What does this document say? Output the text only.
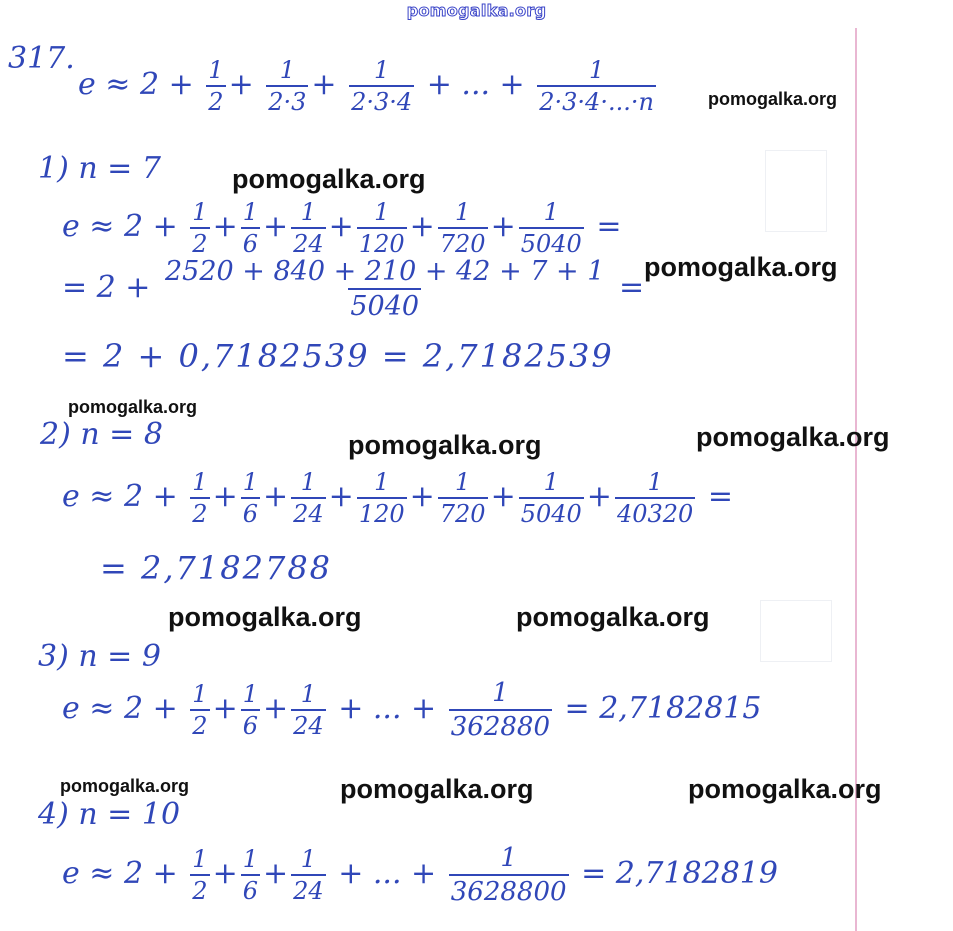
pomogalka.org
317.
$e \approx 2 + \frac{1}{2} + \frac{1}{2\cdot 3} + \frac{1}{2\cdot 3\cdot 4}$ + ... + $\frac{1}{2\cdot 3\cdot 4\cdot...\cdot n}$
1) n = 7
$e \approx 2 + \frac{1}{2} + \frac{1}{6} + \frac{1}{24} + \frac{1}{120} + \frac{1}{720} + \frac{1}{5040}$ =
= $2 + \frac{2520 + 840 + 210 + 42 + 7 + 1}{5040}$ =
= 2 + 0,7182539 = 2,7182539
2) n = 8
$e \approx 2 + \frac{1}{2} + \frac{1}{6} + \frac{1}{24} + \frac{1}{120} + \frac{1}{720} + \frac{1}{5040} + \frac{1}{40320}$ =
= 2,7182788
3) n = 9
$e \approx 2 + \frac{1}{2} + \frac{1}{6} + \frac{1}{24}$ + ... + $\frac{1}{362880} = 2,7182815$
4) n = 10
$e \approx 2 + \frac{1}{2} + \frac{1}{6} + \frac{1}{24}$ + ... + $\frac{1}{3628800} = 2,7182819$
pomogalka.org
pomogalka.org
pomogalka.org
pomogalka.org
pomogalka.org	pomogalka.org
pomogalka.org	pomogalka.org
pomogalka.org	pomogalka.org	pomogalka.org
